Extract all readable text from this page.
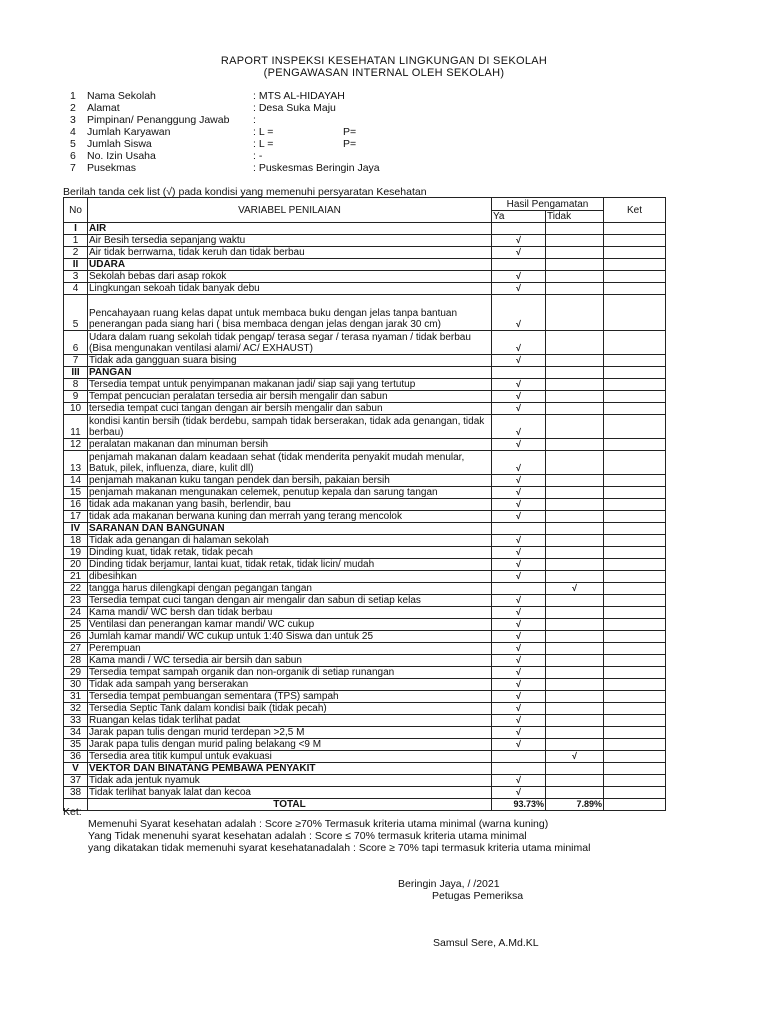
RAPORT INSPEKSI KESEHATAN LINGKUNGAN DI SEKOLAH
(PENGAWASAN INTERNAL OLEH SEKOLAH)
1 Nama Sekolah	: MTS AL-HIDAYAH
2 Alamat	: Desa Suka Maju
3 Pimpinan/ Penanggung Jawab :
4 Jumlah Karyawan	: L =	P=
5 Jumlah Siswa	: L =	P=
6 No. Izin Usaha	: -
7 Pusekmas	: Puskesmas Beringin Jaya
Berilah tanda cek list (√) pada kondisi yang memenuhi persyaratan Kesehatan
No	VARIABEL PENILAIAN	Hasil Pengamatan		Ket
		Ya	Tidak	
I	AIR			
1	Air Besih tersedia sepanjang waktu	√		
2	Air tidak berrwarna, tidak keruh dan tidak berbau	√		
II	UDARA			
3	Sekolah bebas dari asap rokok	√		
4	Lingkungan sekoah tidak banyak debu	√		
5	Pencahayaan ruang kelas dapat untuk membaca buku dengan jelas tanpa bantuan penerangan pada siang hari ( bisa membaca dengan jelas dengan jarak 30 cm)	√		
6	Udara dalam ruang sekolah tidak pengap/ terasa segar / terasa nyaman / tidak berbau (Bisa mengunakan ventilasi alami/ AC/ EXHAUST)	√		
7	Tidak ada gangguan suara bising	√		
III	PANGAN			
8	Tersedia tempat untuk penyimpanan makanan jadi/ siap saji yang tertutup	√		
9	Tempat pencucian peralatan tersedia air bersih mengalir dan sabun	√		
10	tersedia tempat cuci tangan dengan air bersih mengalir dan sabun	√		
11	kondisi kantin bersih (tidak berdebu, sampah tidak berserakan, tidak ada genangan, tidak berbau)	√		
12	peralatan makanan dan minuman bersih	√		
13	penjamah makanan dalam keadaan sehat (tidak menderita penyakit mudah menular, Batuk, pilek, influenza, diare, kulit dll)	√		
14	penjamah makanan kuku tangan pendek dan bersih, pakaian bersih	√		
15	penjamah makanan mengunakan celemek, penutup kepala dan sarung tangan	√		
16	tidak ada makanan yang basih, berlendir, bau	√		
17	tidak ada makanan berwana kuning dan merrah yang terang mencolok	√		
IV	SARANAN DAN BANGUNAN			
18	Tidak ada genangan di halaman sekolah	√		
19	Dinding kuat, tidak retak, tidak pecah	√		
20	Dinding tidak berjamur, lantai kuat, tidak retak, tidak licin/ mudah	√		
21	dibesihkan	√		
22	tangga harus dilengkapi dengan pegangan tangan		√	
23	Tersedia tempat cuci tangan dengan air mengalir dan sabun di setiap kelas	√		
24	Kama mandi/ WC bersh dan tidak berbau	√		
25	Ventilasi dan penerangan kamar mandi/ WC cukup	√		
26	Jumlah kamar mandi/ WC cukup untuk 1:40 Siswa dan untuk 25	√		
27	Perempuan	√		
28	Kama mandi / WC tersedia air bersih dan sabun	√		
29	Tersedia tempat sampah organik dan non-organik di setiap runangan	√		
30	Tidak ada sampah yang berserakan	√		
31	Tersedia tempat pembuangan sementara (TPS) sampah	√		
32	Tersedia Septic Tank dalam kondisi baik (tidak pecah)	√		
33	Ruangan kelas tidak terlihat padat	√		
34	Jarak papan tulis dengan murid terdepan >2,5 M	√		
35	Jarak papa tulis dengan murid paling belakang <9 M	√		
36	Tersedia area titik kumpul untuk evakuasi		√	
V	VEKTOR DAN BINATANG PEMBAWA PENYAKIT			
37	Tidak ada jentuk nyamuk	√		
38	Tidak terlihat banyak lalat dan kecoa	√		
	TOTAL	93.73%	7.89%	
Ket:
Memenuhi Syarat kesehatan adalah : Score ≥70% Termasuk kriteria utama minimal (warna kuning)
Yang Tidak menenuhi syarat kesehatan adalah : Score ≤ 70% termasuk kriteria utama minimal
yang dikatakan tidak memenuhi syarat kesehatanadalah : Score ≥ 70% tapi termasuk kriteria utama minimal
Beringin Jaya, / /2021
Petugas Pemeriksa
Samsul Sere, A.Md.KL
